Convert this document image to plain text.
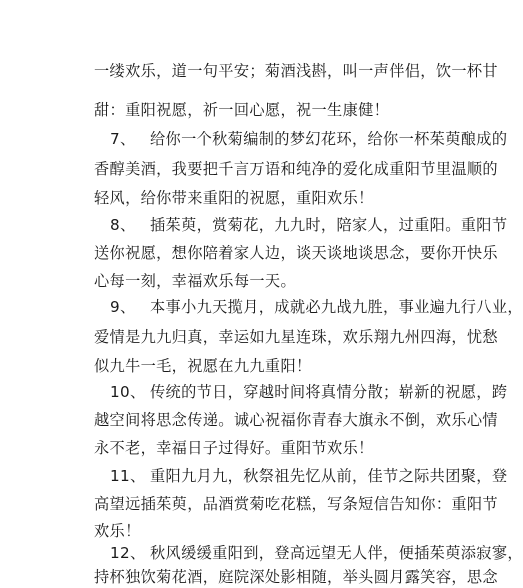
一缕欢乐，道一句平安；菊酒浅斟，叫一声伴侣，饮一杯甘
甜：重阳祝愿，祈一回心愿，祝一生康健！
7、 给你一个秋菊编制的梦幻花环，给你一杯茱萸酿成的
香醇美酒，我要把千言万语和纯净的爱化成重阳节里温顺的
轻风，给你带来重阳的祝愿，重阳欢乐！
8、 插茱萸，赏菊花，九九时，陪家人，过重阳。重阳节
送你祝愿，想你陪着家人边，谈天谈地谈思念，要你开快乐
心每一刻，幸福欢乐每一天。
9、 本事小九天揽月，成就必九战九胜，事业遍九行八业，
爱情是九九归真，幸运如九星连珠，欢乐翔九州四海，忧愁
似九牛一毛，祝愿在九九重阳！
10、 传统的节日，穿越时间将真情分散；崭新的祝愿，跨
越空间将思念传递。诚心祝福你青春大旗永不倒，欢乐心情
永不老，幸福日子过得好。重阳节欢乐！
11、 重阳九月九，秋祭祖先忆从前，佳节之际共团聚，登
高望远插茱萸，品酒赏菊吃花糕，写条短信告知你：重阳节
欢乐！
12、 秋风缓缓重阳到，登高远望无人伴，便插茱萸添寂寥，
持杯独饮菊花酒，庭院深处影相随，举头圆月露笑容，思念
